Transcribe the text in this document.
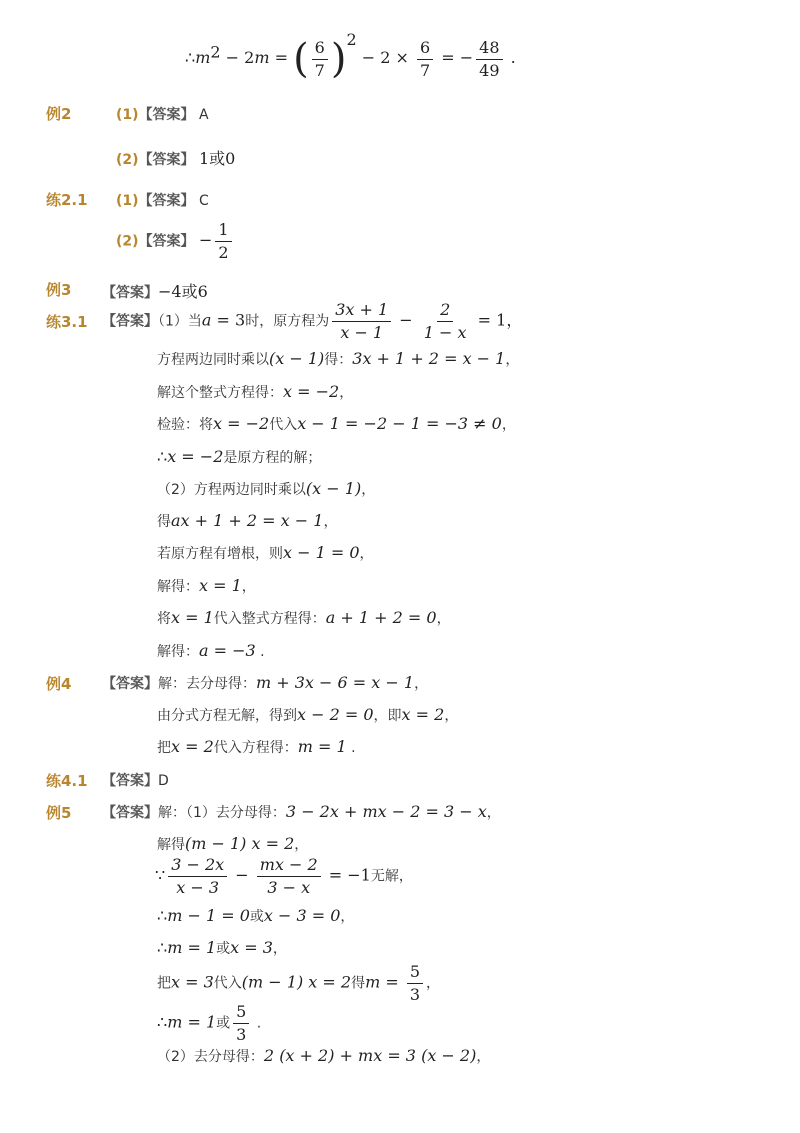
$\therefore m^2 - 2m$ = ( $\frac{6}{7} )^2 - 2 \times \frac{6}{7}$ = − $\frac{48}{49}$ .
例2	(1)【答案】 A
(2)【答案】 1或0
练2.1 (1)【答案】 C
(2)【答案】 − $\frac{1}{2}$
例3 【答案】−4或6
练3.1 【答案】（1）当a = 3时，原方程为 $\frac{3x + 1}{x - 1} - \frac{2}{1 - x} = 1$，
方程两边同时乘以(x − 1)得：3x + 1 + 2 = x − 1，
解这个整式方程得：x = −2，
检验：将x = −2代入x − 1 = −2 − 1 = −3 ≠ 0，
∴x = −2是原方程的解；
（2）方程两边同时乘以(x − 1)，
得ax + 1 + 2 = x − 1，
若原方程有增根，则x − 1 = 0，
解得：x = 1，
将x = 1代入整式方程得：a + 1 + 2 = 0，
解得：a = −3 .
例4 【答案】解：去分母得：m + 3x − 6 = x − 1，
由分式方程无解，得到x − 2 = 0，即x = 2，
把x = 2代入方程得：m = 1 .
练4.1 【答案】D
例5 【答案】解：（1）去分母得：3 − 2x + mx − 2 = 3 − x，
解得(m − 1) x = 2，
∵ $\frac{3 - 2x}{x - 3} - \frac{mx - 2}{3 - x} = -1$无解，
∴m − 1 = 0或x − 3 = 0，
∴m = 1或x = 3，
把x = 3代入(m − 1) x = 2得$m = \frac{5}{3}$ ，
∴m = 1或 $\frac{5}{3}$ .
（2）去分母得：2 (x + 2) + mx = 3 (x − 2)，
